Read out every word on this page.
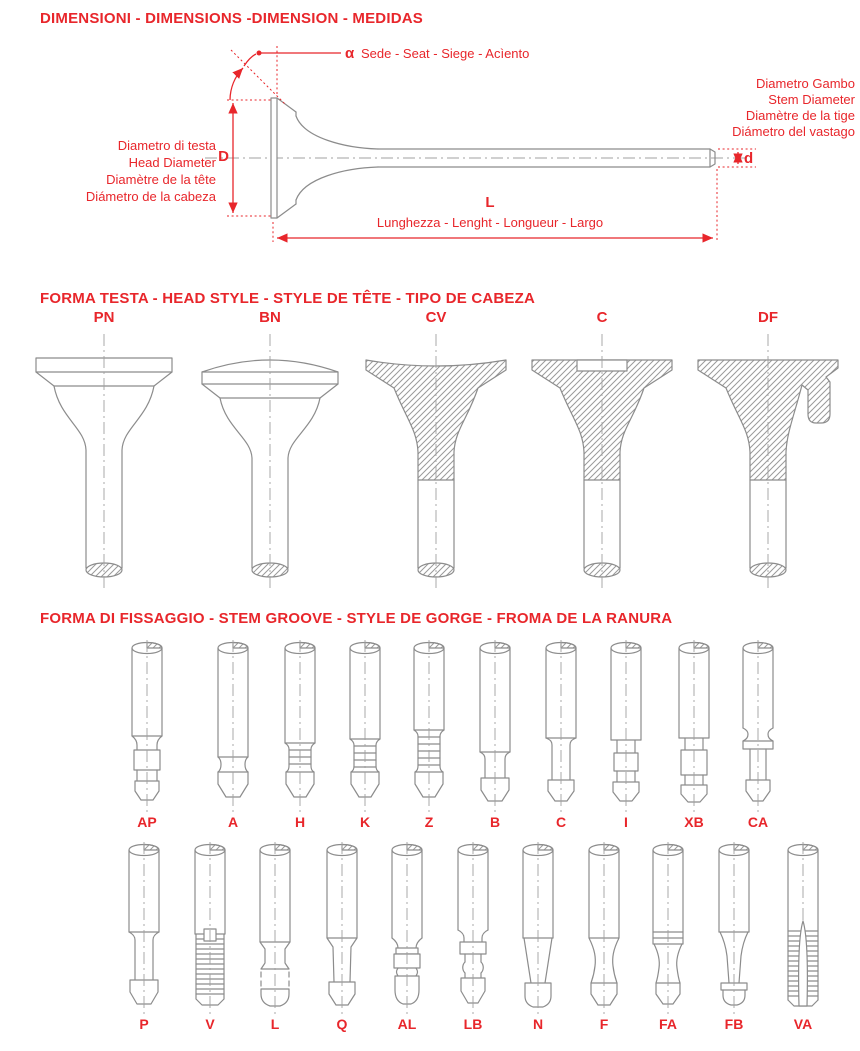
DIMENSIONI - DIMENSIONS -DIMENSION - MEDIDAS
α Sede - Seat - Siege - Acìento
D
Diametro di testa
Head Diameter
Diamètre de la tête
Diámetro de la cabeza
Diametro Gambo
Stem Diameter
Diamètre de la tige
Diámetro del vastago
d
L
Lunghezza - Lenght - Longueur - Largo
FORMA TESTA - HEAD STYLE - STYLE DE TÊTE - TIPO DE CABEZA
PN	BN	CV	C	DF
FORMA DI FISSAGGIO - STEM GROOVE - STYLE DE GORGE - FROMA DE LA RANURA
AP	A	H	K	Z	B	C	I	XB	CA
P	V	L	Q	AL	LB	N	F	FA	FB	VA
